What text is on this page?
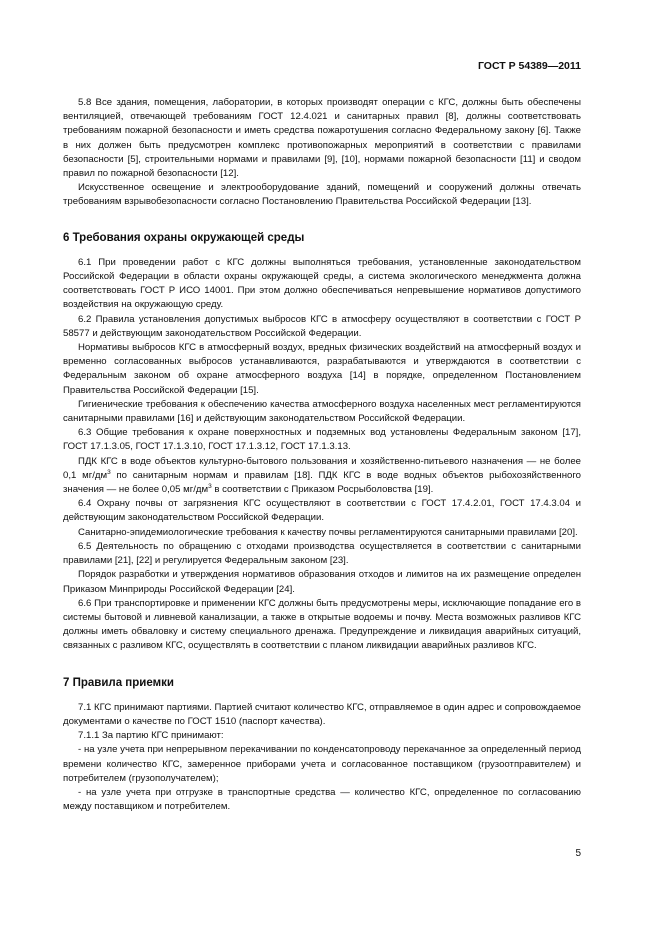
ГОСТ Р 54389—2011

5.8 Все здания, помещения, лаборатории, в которых производят операции с КГС, должны быть обеспечены вентиляцией, отвечающей требованиям ГОСТ 12.4.021 и санитарных правил [8], должны соответствовать требованиям пожарной безопасности и иметь средства пожаротушения согласно Федеральному закону [6]. Также в них должен быть предусмотрен комплекс противопожарных мероприятий в соответствии с правилами безопасности [5], строительными нормами и правилами [9], [10], нормами пожарной безопасности [11] и сводом правил по пожарной безопасности [12].

Искусственное освещение и электрооборудование зданий, помещений и сооружений должны отвечать требованиям взрывобезопасности согласно Постановлению Правительства Российской Федерации [13].

6 Требования охраны окружающей среды

6.1 При проведении работ с КГС должны выполняться требования, установленные законодательством Российской Федерации в области охраны окружающей среды, а система экологического менеджмента должна соответствовать ГОСТ Р ИСО 14001. При этом должно обеспечиваться непревышение нормативов допустимого воздействия на окружающую среду.

6.2 Правила установления допустимых выбросов КГС в атмосферу осуществляют в соответствии с ГОСТ Р 58577 и действующим законодательством Российской Федерации.

Нормативы выбросов КГС в атмосферный воздух, вредных физических воздействий на атмосферный воздух и временно согласованных выбросов устанавливаются, разрабатываются и утверждаются в соответствии с Федеральным законом об охране атмосферного воздуха [14] в порядке, определенном Постановлением Правительства Российской Федерации [15].

Гигиенические требования к обеспечению качества атмосферного воздуха населенных мест регламентируются санитарными правилами [16] и действующим законодательством Российской Федерации.

6.3 Общие требования к охране поверхностных и подземных вод установлены Федеральным законом [17], ГОСТ 17.1.3.05, ГОСТ 17.1.3.10, ГОСТ 17.1.3.12, ГОСТ 17.1.3.13.

ПДК КГС в воде объектов культурно-бытового пользования и хозяйственно-питьевого назначения — не более 0,1 $мг/дм^3$ по санитарным нормам и правилам [18]. ПДК КГС в воде водных объектов рыбохозяйственного значения — не более 0,05 $мг/дм^3$ в соответствии с Приказом Росрыболовства [19].

6.4 Охрану почвы от загрязнения КГС осуществляют в соответствии с ГОСТ 17.4.2.01, ГОСТ 17.4.3.04 и действующим законодательством Российской Федерации.

Санитарно-эпидемиологические требования к качеству почвы регламентируются санитарными правилами [20].

6.5 Деятельность по обращению с отходами производства осуществляется в соответствии с санитарными правилами [21], [22] и регулируется Федеральным законом [23].

Порядок разработки и утверждения нормативов образования отходов и лимитов на их размещение определен Приказом Минприроды Российской Федерации [24].

6.6 При транспортировке и применении КГС должны быть предусмотрены меры, исключающие попадание его в системы бытовой и ливневой канализации, а также в открытые водоемы и почву. Места возможных разливов КГС должны иметь обваловку и систему специального дренажа. Предупреждение и ликвидация аварийных ситуаций, связанных с разливом КГС, осуществлять в соответствии с планом ликвидации аварийных разливов КГС.

7 Правила приемки

7.1 КГС принимают партиями. Партией считают количество КГС, отправляемое в один адрес и сопровождаемое документами о качестве по ГОСТ 1510 (паспорт качества).

7.1.1 За партию КГС принимают:

- на узле учета при непрерывном перекачивании по конденсатопроводу перекачанное за определенный период времени количество КГС, замеренное приборами учета и согласованное поставщиком (грузоотправителем) и потребителем (грузополучателем);

- на узле учета при отгрузке в транспортные средства — количество КГС, определенное по согласованию между поставщиком и потребителем.

5
